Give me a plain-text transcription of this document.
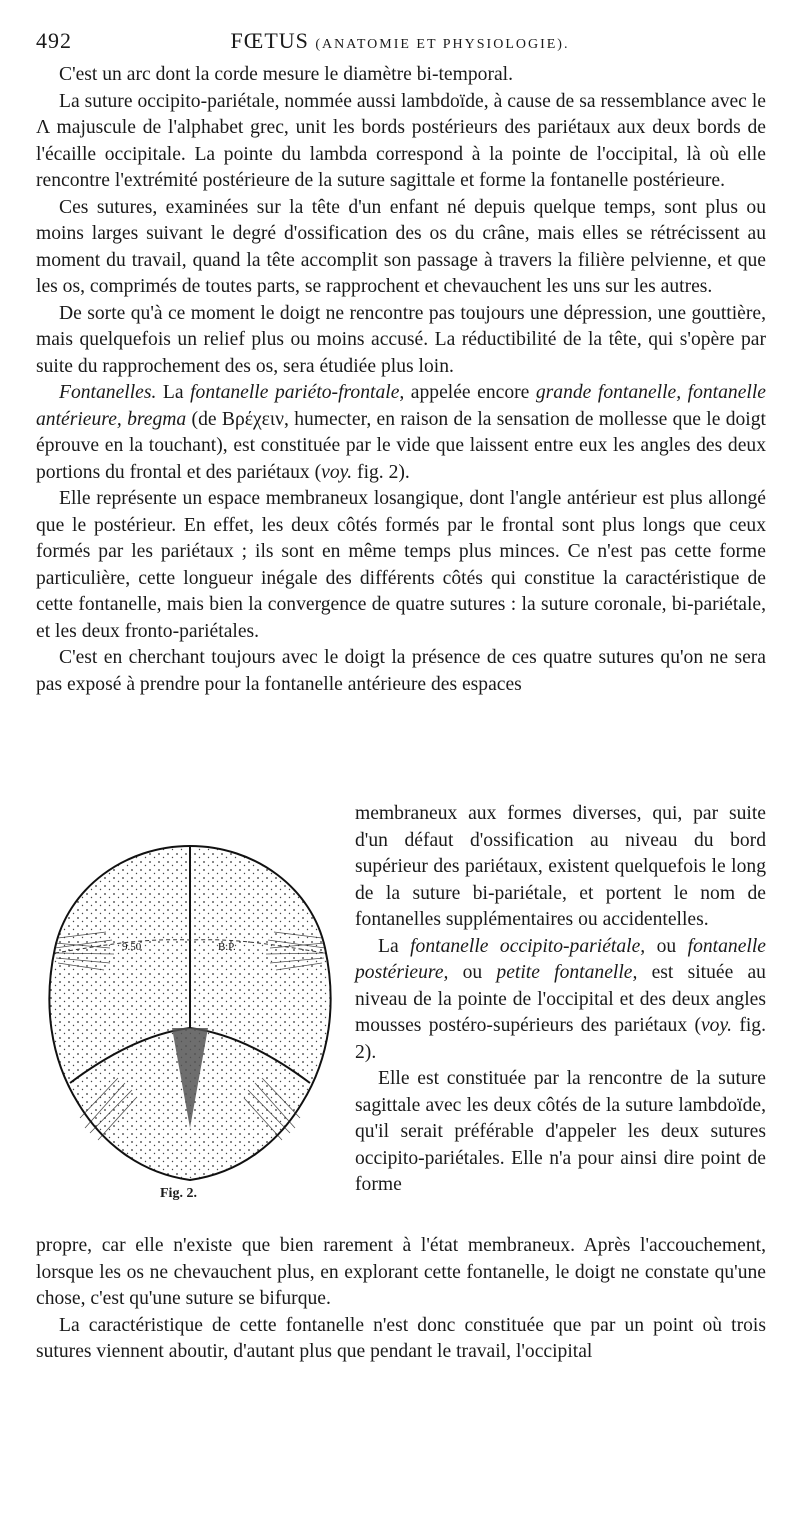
492	FŒTUS (ANATOMIE ET PHYSIOLOGIE).

C'est un arc dont la corde mesure le diamètre bi-temporal.

La suture occipito-pariétale, nommée aussi lambdoïde, à cause de sa ressemblance avec le Λ majuscule de l'alphabet grec, unit les bords postérieurs des pariétaux aux deux bords de l'écaille occipitale. La pointe du lambda correspond à la pointe de l'occipital, là où elle rencontre l'extrémité postérieure de la suture sagittale et forme la fontanelle postérieure.

Ces sutures, examinées sur la tête d'un enfant né depuis quelque temps, sont plus ou moins larges suivant le degré d'ossification des os du crâne, mais elles se rétrécissent au moment du travail, quand la tête accomplit son passage à travers la filière pelvienne, et que les os, comprimés de toutes parts, se rapprochent et chevauchent les uns sur les autres.

De sorte qu'à ce moment le doigt ne rencontre pas toujours une dépression, une gouttière, mais quelquefois un relief plus ou moins accusé. La réductibilité de la tête, qui s'opère par suite du rapprochement des os, sera étudiée plus loin.

Fontanelles. La fontanelle pariéto-frontale, appelée encore grande fontanelle, fontanelle antérieure, bregma (de Βρέχειν, humecter, en raison de la sensation de mollesse que le doigt éprouve en la touchant), est constituée par le vide que laissent entre eux les angles des deux portions du frontal et des pariétaux (voy. fig. 2).

Elle représente un espace membraneux losangique, dont l'angle antérieur est plus allongé que le postérieur. En effet, les deux côtés formés par le frontal sont plus longs que ceux formés par les pariétaux ; ils sont en même temps plus minces. Ce n'est pas cette forme particulière, cette longueur inégale des différents côtés qui constitue la caractéristique de cette fontanelle, mais bien la convergence de quatre sutures : la suture coronale, bi-pariétale, et les deux fronto-pariétales.

C'est en cherchant toujours avec le doigt la présence de ces quatre sutures qu'on ne sera pas exposé à prendre pour la fontanelle antérieure des espaces

9.50	B.P.
Fig. 2.

membraneux aux formes diverses, qui, par suite d'un défaut d'ossification au niveau du bord supérieur des pariétaux, existent quelquefois le long de la suture bi-pariétale, et portent le nom de fontanelles supplémentaires ou accidentelles.

La fontanelle occipito-pariétale, ou fontanelle postérieure, ou petite fontanelle, est située au niveau de la pointe de l'occipital et des deux angles mousses postéro-supérieurs des pariétaux (voy. fig. 2).

Elle est constituée par la rencontre de la suture sagittale avec les deux côtés de la suture lambdoïde, qu'il serait préférable d'appeler les deux sutures occipito-pariétales. Elle n'a pour ainsi dire point de forme

propre, car elle n'existe que bien rarement à l'état membraneux. Après l'accouchement, lorsque les os ne chevauchent plus, en explorant cette fontanelle, le doigt ne constate qu'une chose, c'est qu'une suture se bifurque.

La caractéristique de cette fontanelle n'est donc constituée que par un point où trois sutures viennent aboutir, d'autant plus que pendant le travail, l'occipital
